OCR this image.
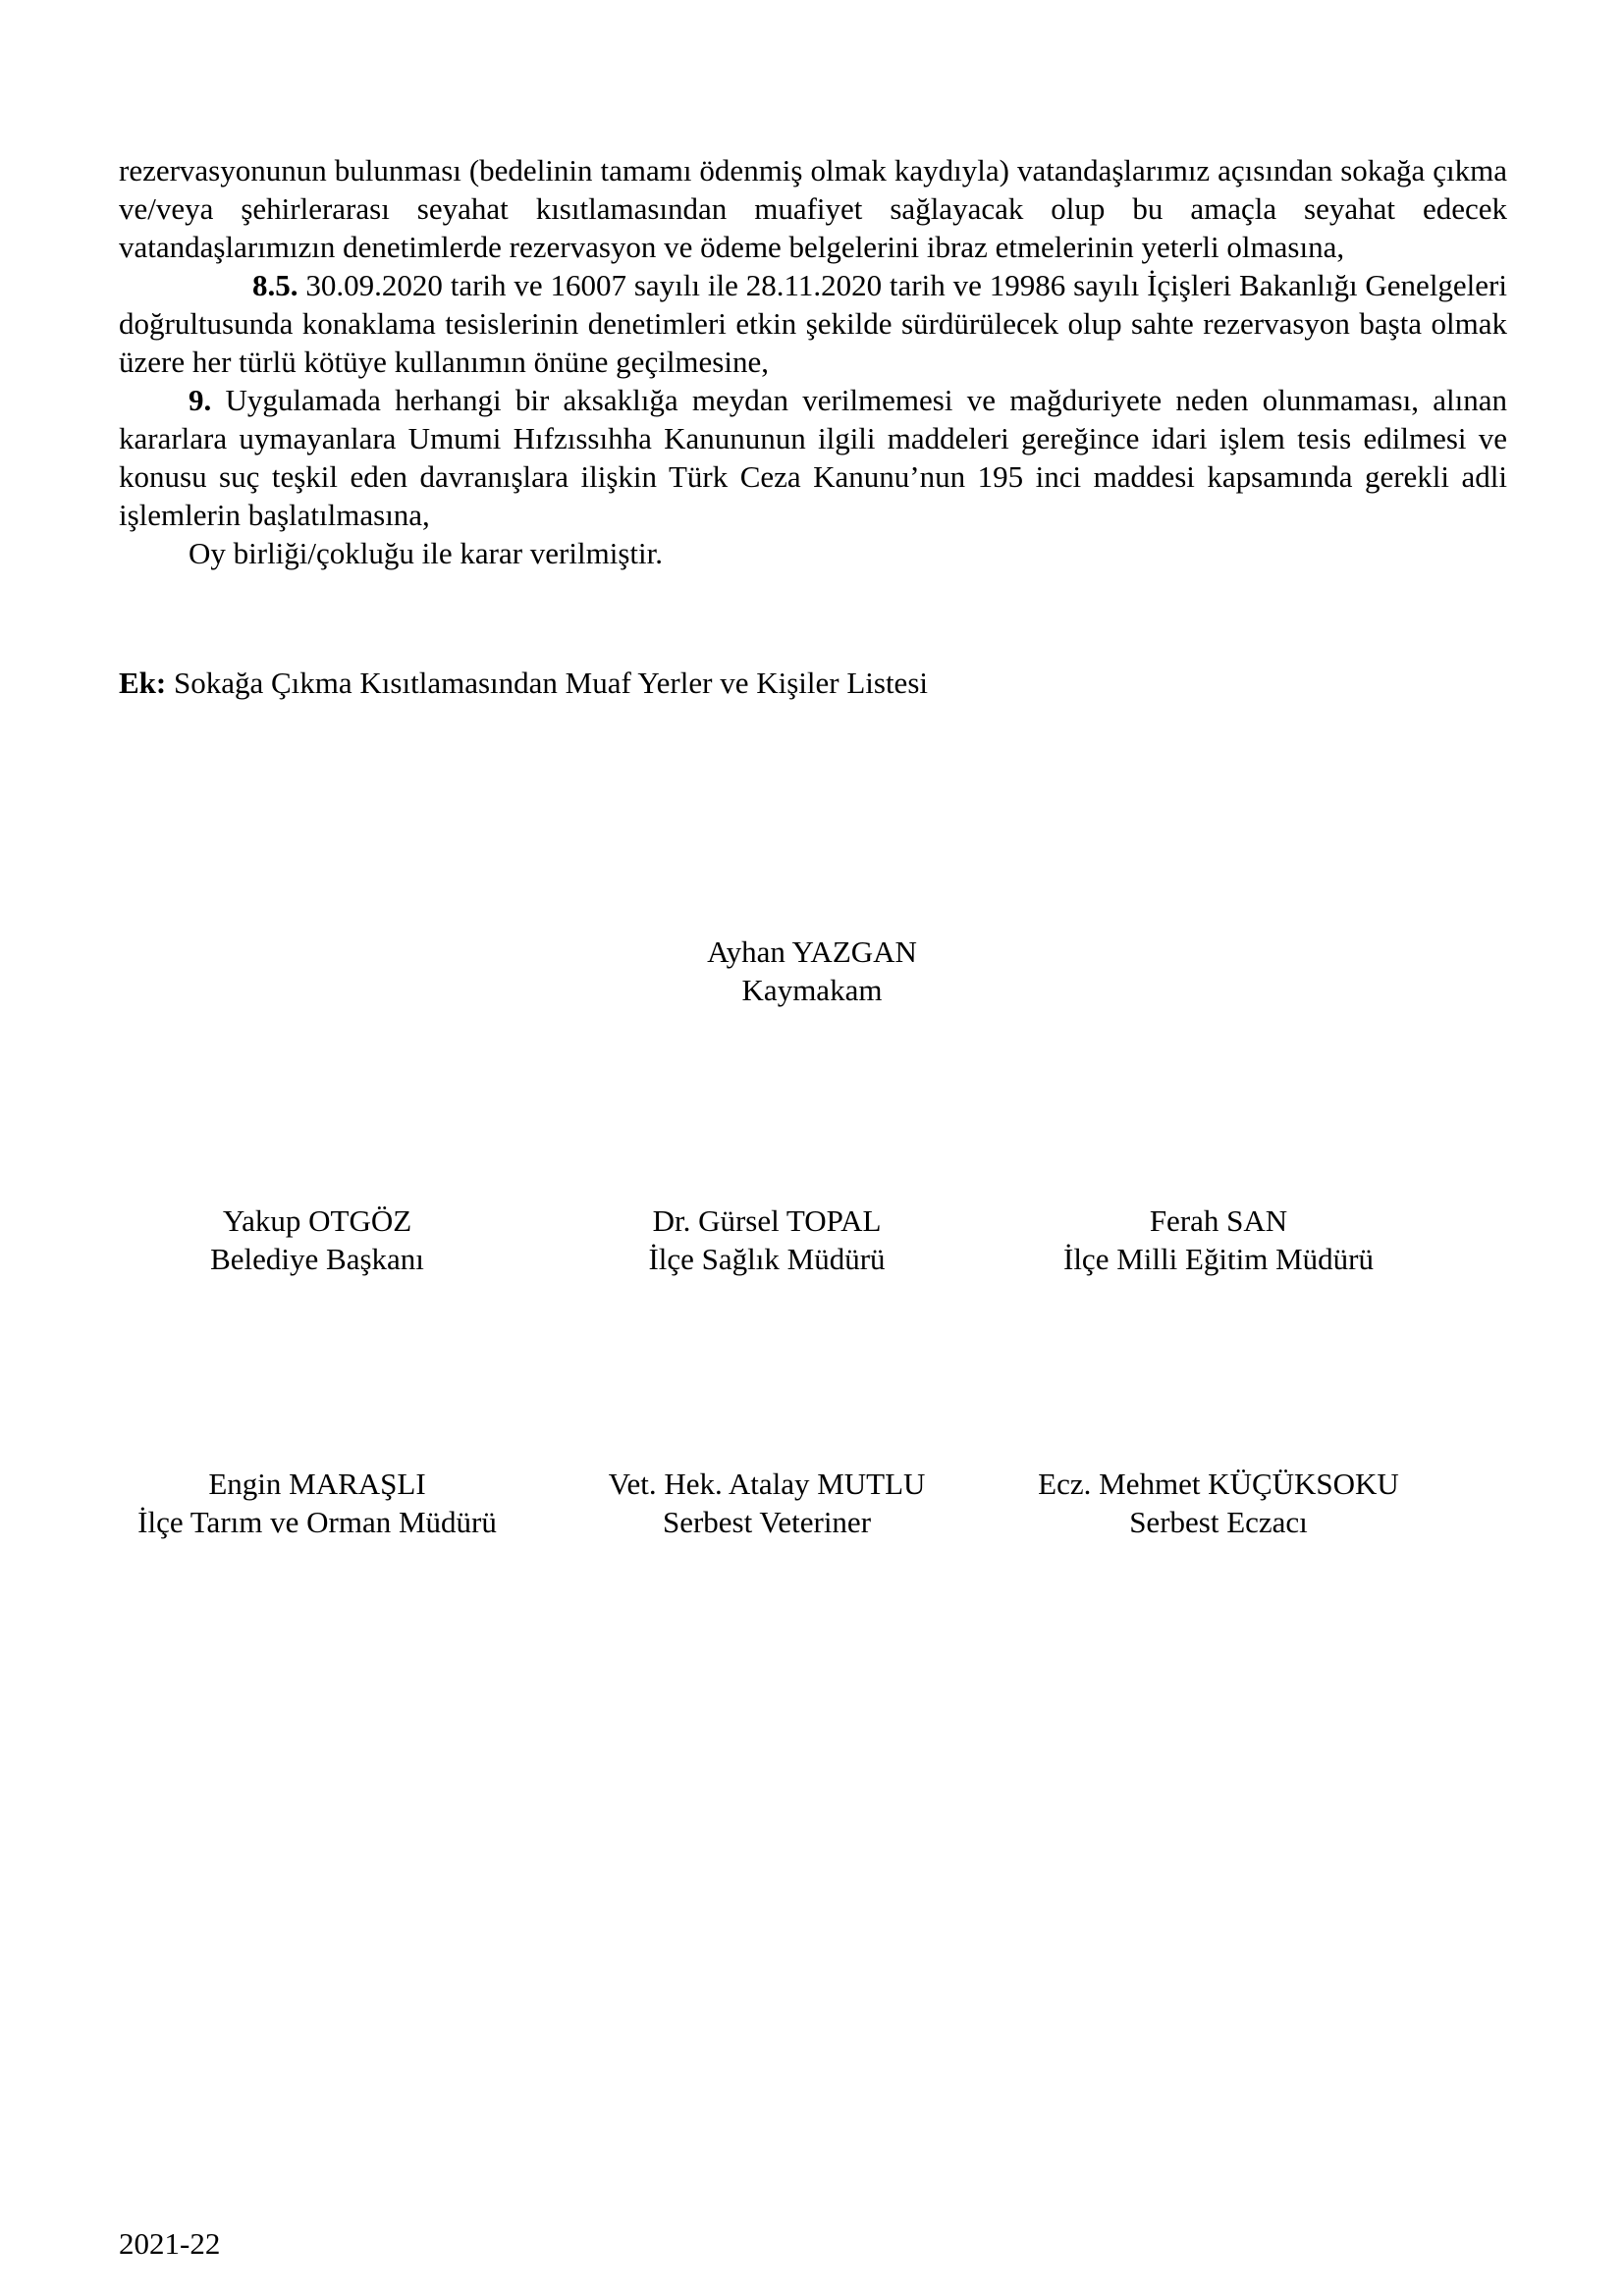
rezervasyonunun bulunması (bedelinin tamamı ödenmiş olmak kaydıyla) vatandaşlarımız açısından sokağa çıkma ve/veya şehirlerarası seyahat kısıtlamasından muafiyet sağlayacak olup bu amaçla seyahat edecek vatandaşlarımızın denetimlerde rezervasyon ve ödeme belgelerini ibraz etmelerinin yeterli olmasına,

8.5. 30.09.2020 tarih ve 16007 sayılı ile 28.11.2020 tarih ve 19986 sayılı İçişleri Bakanlığı Genelgeleri doğrultusunda konaklama tesislerinin denetimleri etkin şekilde sürdürülecek olup sahte rezervasyon başta olmak üzere her türlü kötüye kullanımın önüne geçilmesine,

9. Uygulamada herhangi bir aksaklığa meydan verilmemesi ve mağduriyete neden olunmaması, alınan kararlara uymayanlara Umumi Hıfzıssıhha Kanununun ilgili maddeleri gereğince idari işlem tesis edilmesi ve konusu suç teşkil eden davranışlara ilişkin Türk Ceza Kanunu’nun 195 inci maddesi kapsamında gerekli adli işlemlerin başlatılmasına,

Oy birliği/çokluğu ile karar verilmiştir.

Ek: Sokağa Çıkma Kısıtlamasından Muaf Yerler ve Kişiler Listesi
Ayhan YAZGAN
Kaymakam
Yakup OTGÖZ
Belediye Başkanı
Dr. Gürsel TOPAL
İlçe Sağlık Müdürü
Ferah SAN
İlçe Milli Eğitim Müdürü
Engin MARAŞLI
İlçe Tarım ve Orman Müdürü
Vet. Hek. Atalay MUTLU
Serbest Veteriner
Ecz. Mehmet KÜÇÜKSOKU
Serbest Eczacı
2021-22
